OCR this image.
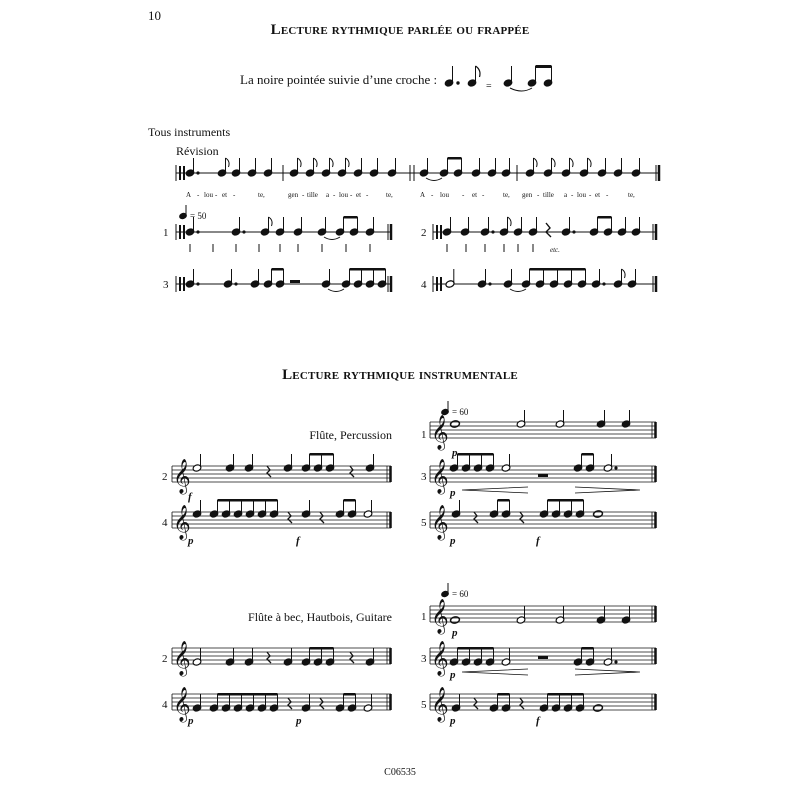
10
Lecture rythmique parlée ou frappée
La noire pointée suivie d’une croche :
Tous instruments
Révision
Lecture rythmique instrumentale
Flûte, Percussion
Flûte à bec, Hautbois, Guitare
C06535
=
A - lou - et -	te,	gen - tille a - lou - et -	te,	A - lou - et -	te, gen - tille a - lou - et -	te,
= 50
1	2
etc.
3	4
= 60
1 𝄞
p
2 𝄞
f
3 𝄞 p
4 𝄞
p	f
5 𝄞
p	f
= 60
1 𝄞 p
2 𝄞	3 𝄞 p
4 𝄞
p	p
5 𝄞 p	f
